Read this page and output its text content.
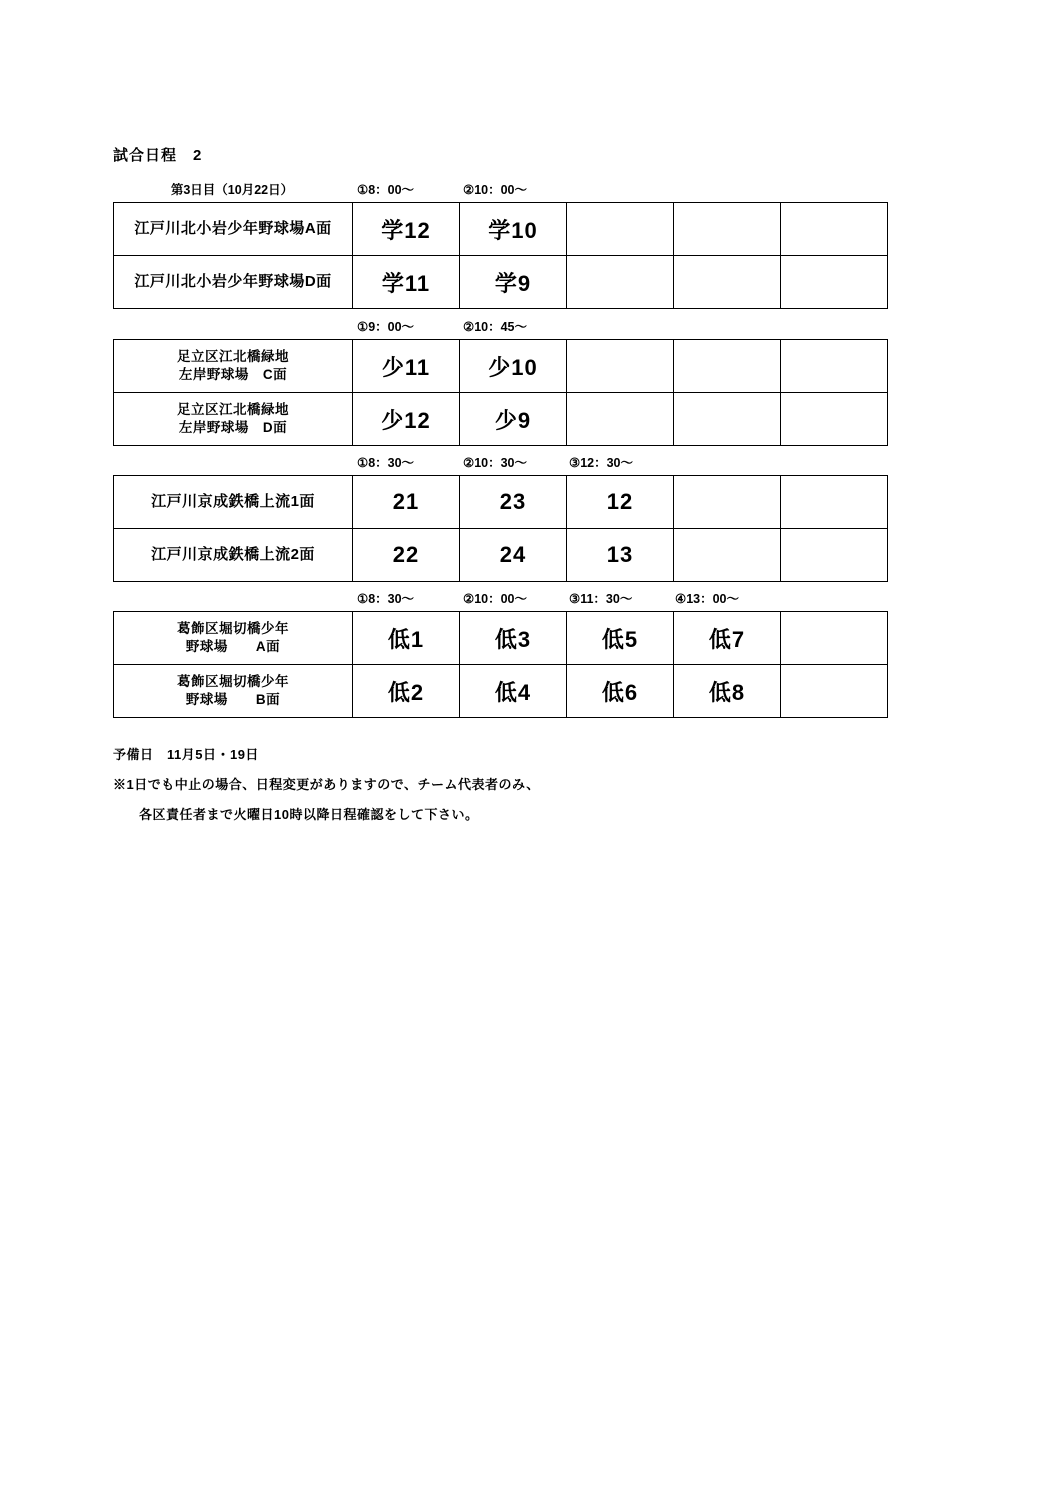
試合日程　2
第3日目（10月22日）	①8：00～	②10：00～
江戸川北小岩少年野球場A面	学12	学10			
江戸川北小岩少年野球場D面	学11	学9			
①9：00～	②10：45～
足立区江北橋緑地
左岸野球場　C面	少11	少10			

足立区江北橋緑地
左岸野球場　D面	少12	少9			
①8：30～	②10：30～	③12：30～
江戸川京成鉄橋上流1面	21	23	12		
江戸川京成鉄橋上流2面	22	24	13		
①8：30～	②10：00～	③11：30～	④13：00～
葛飾区堀切橋少年
野球場　　A面	低1	低3	低5	低7	

葛飾区堀切橋少年
野球場　　B面	低2	低4	低6	低8	
予備日　11月5日・19日
※1日でも中止の場合、日程変更がありますので、チーム代表者のみ、
各区責任者まで火曜日10時以降日程確認をして下さい。
